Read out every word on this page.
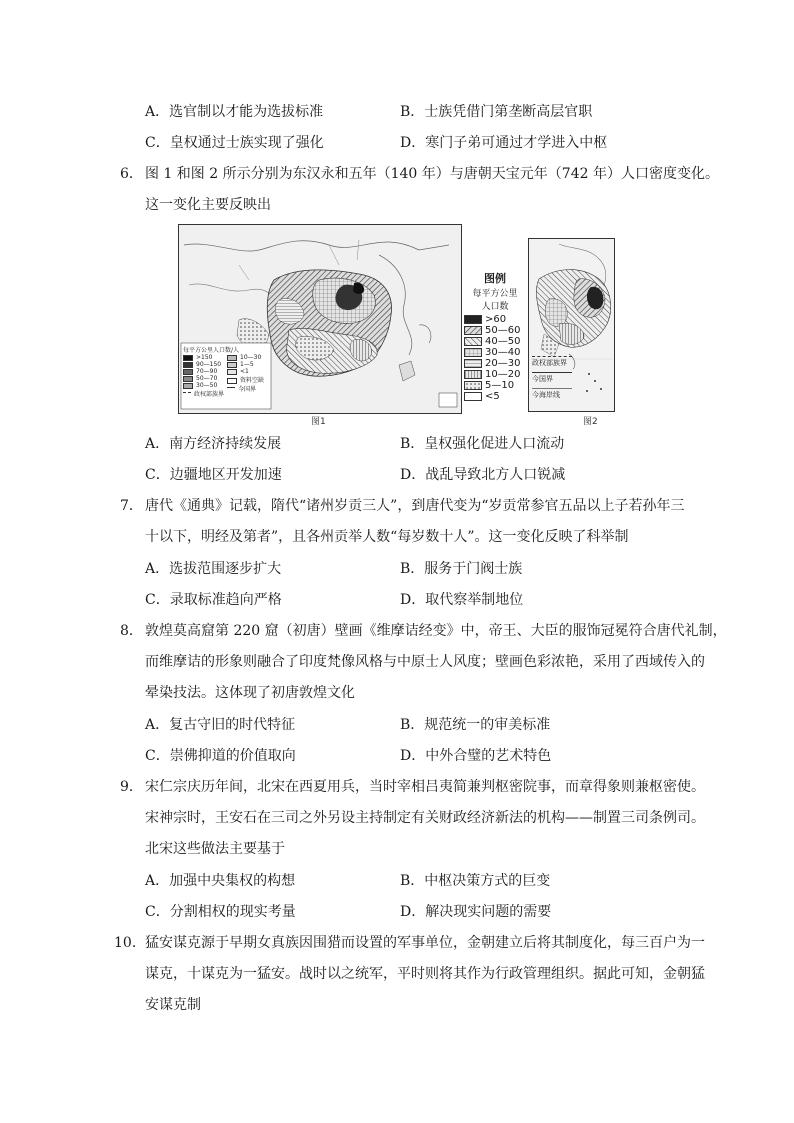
A．选官制以才能为选拔标准	B．士族凭借门第垄断高层官职
C．皇权通过士族实现了强化	D．寒门子弟可通过才学进入中枢
6． 图 1 和图 2 所示分别为东汉永和五年（140 年）与唐朝天宝元年（742 年）人口密度变化。
这一变化主要反映出
每平方公里人口数/人
>150
90—150
70—90
50—70
30—50
政权部族界
10—30
1—5
<1
资料空缺
今国界
图1
图例
每平方公里
人口数
>60
50—60
40—50
30—40
20—30
10—20
5—10
<5
政权部族界
今国界
今海岸线
图2
A．南方经济持续发展	B．皇权强化促进人口流动
C．边疆地区开发加速	D．战乱导致北方人口锐减
7． 唐代《通典》记载，隋代“诸州岁贡三人”，到唐代变为“岁贡常参官五品以上子若孙年三
十以下，明经及第者”，且各州贡举人数“每岁数十人”。这一变化反映了科举制
A．选拔范围逐步扩大	B．服务于门阀士族
C．录取标准趋向严格	D．取代察举制地位
8． 敦煌莫高窟第 220 窟（初唐）壁画《维摩诘经变》中，帝王、大臣的服饰冠冕符合唐代礼制，
而维摩诘的形象则融合了印度梵像风格与中原士人风度；壁画色彩浓艳，采用了西域传入的
晕染技法。这体现了初唐敦煌文化
A．复古守旧的时代特征	B．规范统一的审美标准
C．崇佛抑道的价值取向	D．中外合璧的艺术特色
9． 宋仁宗庆历年间，北宋在西夏用兵，当时宰相吕夷简兼判枢密院事，而章得象则兼枢密使。
宋神宗时，王安石在三司之外另设主持制定有关财政经济新法的机构——制置三司条例司。
北宋这些做法主要基于
A．加强中央集权的构想	B．中枢决策方式的巨变
C．分割相权的现实考量	D．解决现实问题的需要
10． 猛安谋克源于早期女真族因围猎而设置的军事单位，金朝建立后将其制度化，每三百户为一
谋克，十谋克为一猛安。战时以之统军，平时则将其作为行政管理组织。据此可知，金朝猛
安谋克制
